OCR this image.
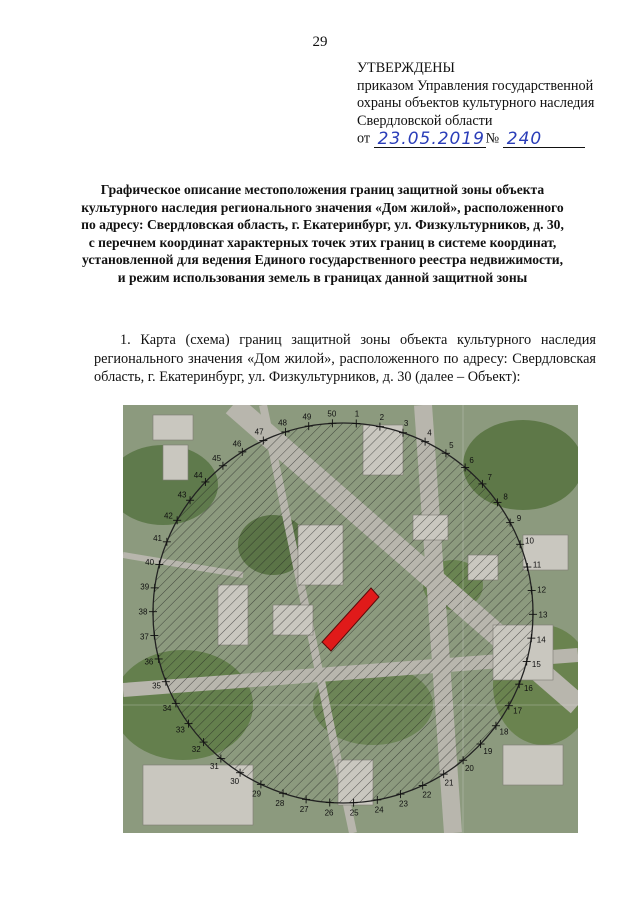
29
УТВЕРЖДЕНЫ
приказом Управления государственной
охраны объектов культурного наследия
Свердловской области
от 23.05.2019 № 240
Графическое описание местоположения границ защитной зоны объекта культурного наследия регионального значения «Дом жилой», расположенного по адресу: Свердловская область, г. Екатеринбург, ул. Физкультурников, д. 30, с перечнем координат характерных точек этих границ в системе координат, установленной для ведения Единого государственного реестра недвижимости, и режим использования земель в границах данной защитной зоны
1. Карта (схема) границ защитной зоны объекта культурного наследия регионального значения «Дом жилой», расположенного по адресу: Свердловская область, г. Екатеринбург, ул. Физкультурников, д. 30 (далее – Объект):
1	2
3
4
5
6
7
8
9
10
11
12
13
14
15
16
17
18
19
20
21
22
23
24
25
26
27
28
29
30
31
32
33
34
35
36
37
38
39
40
41
42
43
44
45
46
47
48
49 50
